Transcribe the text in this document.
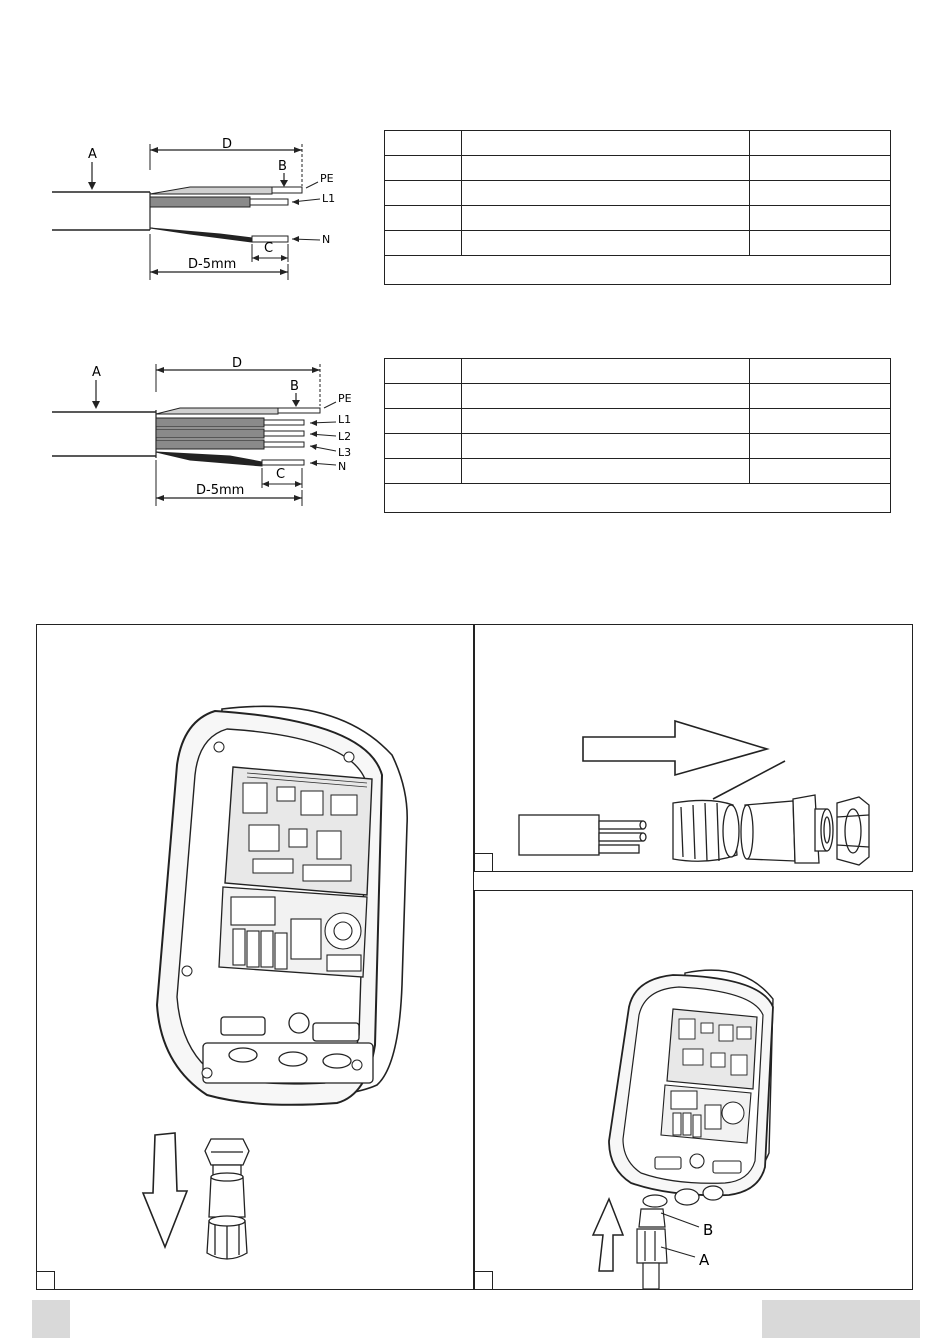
D
A
B
PE
L1
N
C
D-5mm

D
A
B
PE
L1
L2
L3
N
C
D-5mm

B
A
